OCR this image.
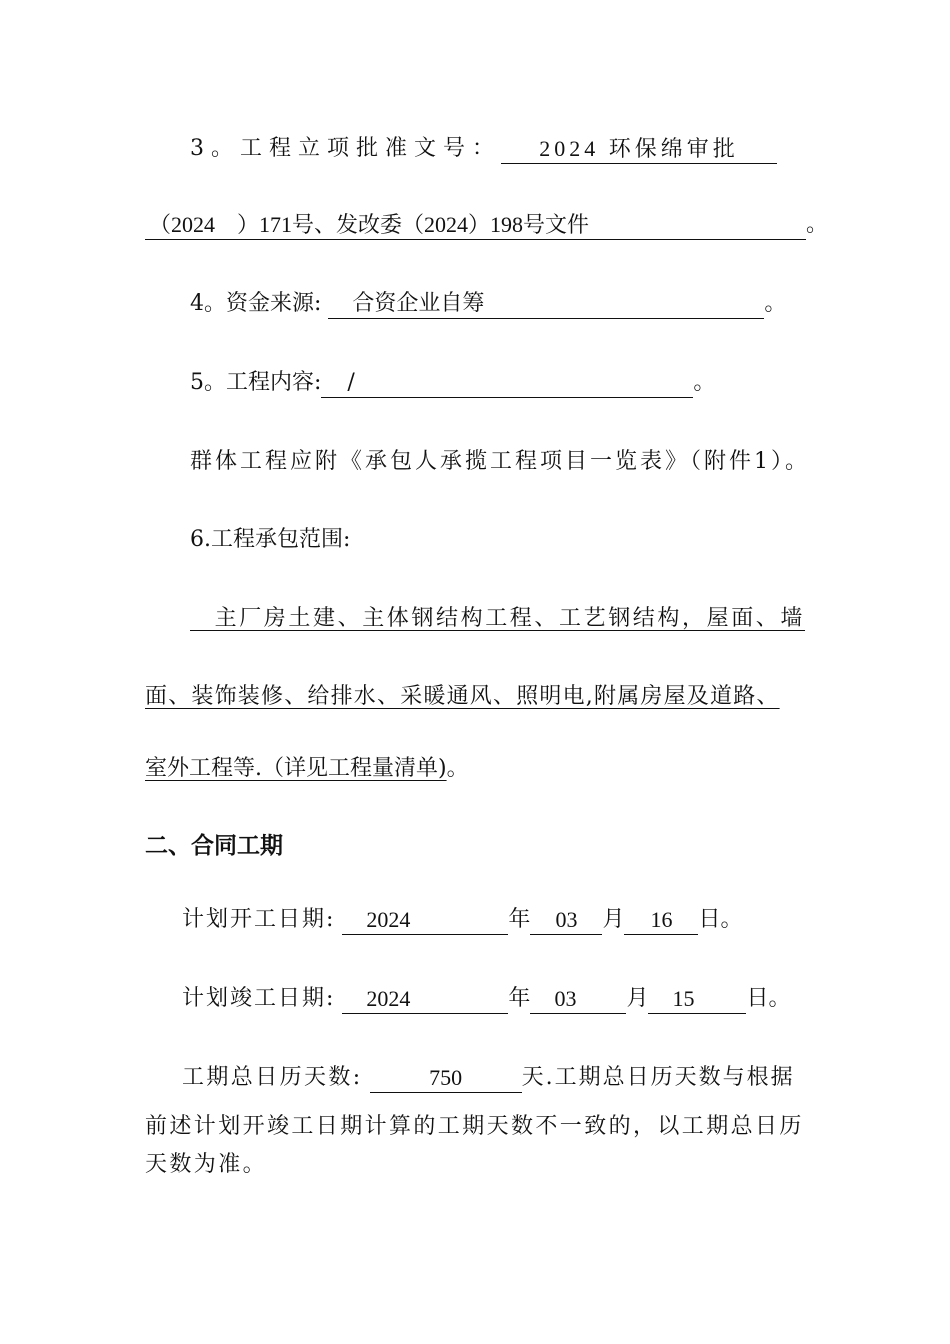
3。工程立项批准文号： 2024 环保绵审批
（2024　）171号、发改委（2024）198号文件	。
4。资金来源: 合资企业自筹	。
5。工程内容: /	。
群体工程应附《承包人承揽工程项目一览表》（附件1）。
6.工程承包范围:
　主厂房土建、主体钢结构工程、工艺钢结构，屋面、墙
面、装饰装修、给排水、采暖通风、照明电,附属房屋及道路、
室外工程等.（详见工程量清单)。
二、合同工期
计划开工日期: 2024	年 03 月 16 日。
计划竣工日期: 2024	年 03 月 15 日。
工期总日历天数:	750	天.工期总日历天数与根据
前述计划开竣工日期计算的工期天数不一致的，以工期总日历
天数为准。
